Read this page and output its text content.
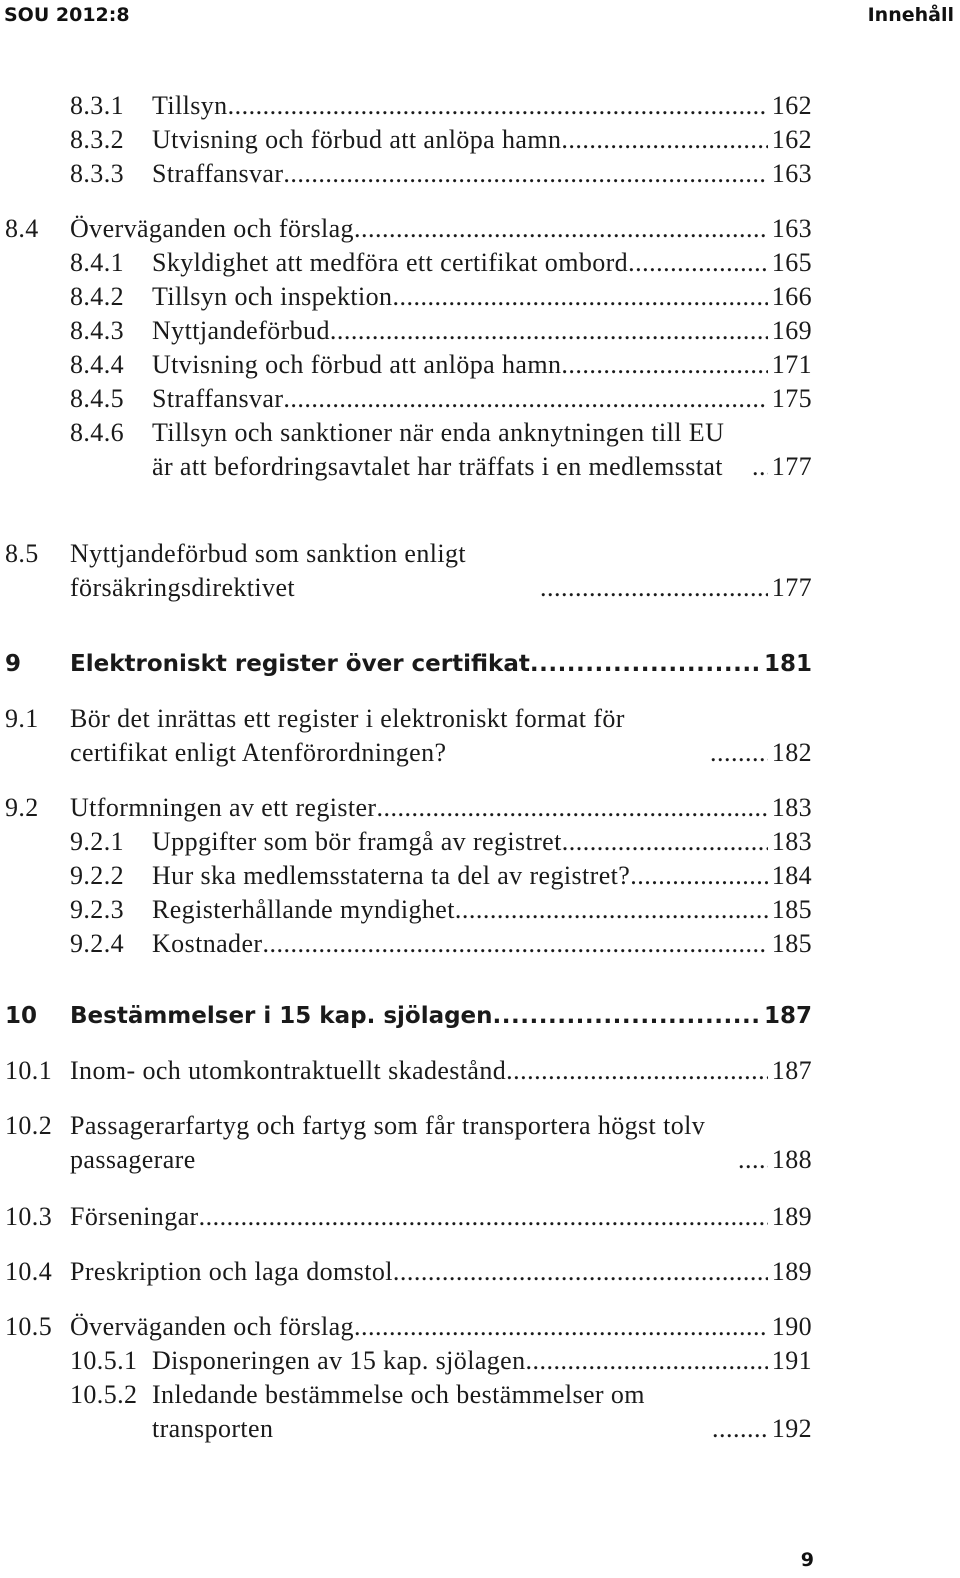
SOU 2012:8	Innehåll
8.3.1 Tillsyn .....	162
8.3.2 Utvisning och förbud att anlöpa hamn .....	162
8.3.3 Straffansvar .....	163
8.4 Överväganden och förslag .....	163
8.4.1 Skyldighet att medföra ett certifikat ombord .....	165
8.4.2 Tillsyn och inspektion .....	166
8.4.3 Nyttjandeförbud .....	169
8.4.4 Utvisning och förbud att anlöpa hamn .....	171
8.4.5 Straffansvar .....	175
8.4.6 Tillsyn och sanktioner när enda anknytningen till EU är att befordringsavtalet har träffats i en medlemsstat .....	177
8.5 Nyttjandeförbud som sanktion enligt försäkringsdirektivet .....	177
9 Elektroniskt register över certifikat .....	181
9.1 Bör det inrättas ett register i elektroniskt format för certifikat enligt Atenförordningen? .....	182
9.2 Utformningen av ett register .....	183
9.2.1 Uppgifter som bör framgå av registret .....	183
9.2.2 Hur ska medlemsstaterna ta del av registret? .....	184
9.2.3 Registerhållande myndighet .....	185
9.2.4 Kostnader .....	185
10 Bestämmelser i 15 kap. sjölagen .....	187
10.1 Inom- och utomkontraktuellt skadestånd .....	187
10.2 Passagerarfartyg och fartyg som får transportera högst tolv passagerare .....	188
10.3 Förseningar .....	189
10.4 Preskription och laga domstol .....	189
10.5 Överväganden och förslag .....	190
10.5.1 Disponeringen av 15 kap. sjölagen .....	191
10.5.2 Inledande bestämmelse och bestämmelser om transporten .....	192
9
